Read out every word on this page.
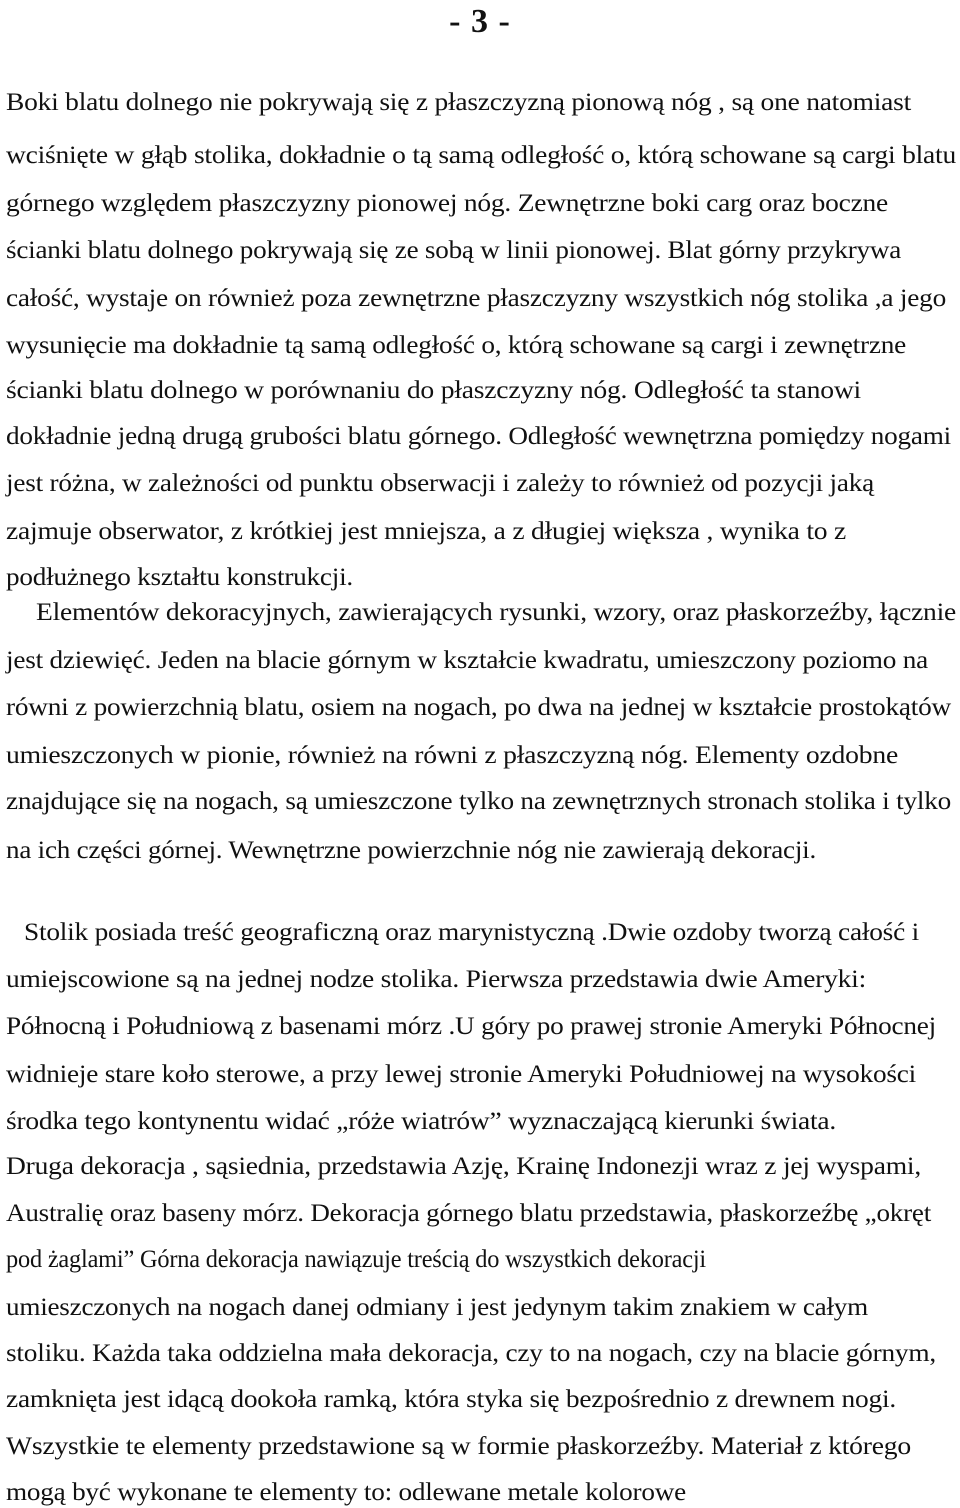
- 3 -
Boki blatu dolnego nie pokrywają się z płaszczyzną pionową nóg , są one natomiast
wciśnięte w głąb stolika, dokładnie o tą samą odległość o, którą schowane są cargi blatu
górnego względem płaszczyzny pionowej nóg. Zewnętrzne boki carg oraz boczne
ścianki blatu dolnego pokrywają się ze sobą w linii pionowej. Blat górny przykrywa
całość, wystaje on również poza zewnętrzne płaszczyzny wszystkich nóg stolika ,a jego
wysunięcie ma dokładnie tą samą odległość o, którą schowane są cargi i zewnętrzne
ścianki blatu dolnego w porównaniu do płaszczyzny nóg. Odległość ta stanowi
dokładnie jedną drugą grubości blatu górnego. Odległość wewnętrzna pomiędzy nogami
jest różna, w zależności od punktu obserwacji i zależy to również od pozycji jaką
zajmuje obserwator, z krótkiej jest mniejsza, a z długiej większa , wynika to z
podłużnego kształtu konstrukcji.
Elementów dekoracyjnych, zawierających rysunki, wzory, oraz płaskorzeźby, łącznie
jest dziewięć. Jeden na blacie górnym w kształcie kwadratu, umieszczony poziomo na
równi z powierzchnią blatu, osiem na nogach, po dwa na jednej w kształcie prostokątów
umieszczonych w pionie, również na równi z płaszczyzną nóg. Elementy ozdobne
znajdujące się na nogach, są umieszczone tylko na zewnętrznych stronach stolika i tylko
na ich części górnej. Wewnętrzne powierzchnie nóg nie zawierają dekoracji.
Stolik posiada treść geograficzną oraz marynistyczną .Dwie ozdoby tworzą całość i
umiejscowione są na jednej nodze stolika. Pierwsza przedstawia dwie Ameryki:
Północną i Południową z basenami mórz .U góry po prawej stronie Ameryki Północnej
widnieje stare koło sterowe, a przy lewej stronie Ameryki Południowej na wysokości
środka tego kontynentu widać „róże wiatrów” wyznaczającą kierunki świata.
Druga dekoracja , sąsiednia, przedstawia Azję, Krainę Indonezji wraz z jej wyspami,
Australię oraz baseny mórz. Dekoracja górnego blatu przedstawia, płaskorzeźbę „okręt
pod żaglami” Górna dekoracja nawiązuje treścią do wszystkich dekoracji
umieszczonych na nogach danej odmiany i jest jedynym takim znakiem w całym
stoliku. Każda taka oddzielna mała dekoracja, czy to na nogach, czy na blacie górnym,
zamknięta jest idącą dookoła ramką, która styka się bezpośrednio z drewnem nogi.
Wszystkie te elementy przedstawione są w formie płaskorzeźby. Materiał z którego
mogą być wykonane te elementy to: odlewane metale kolorowe
